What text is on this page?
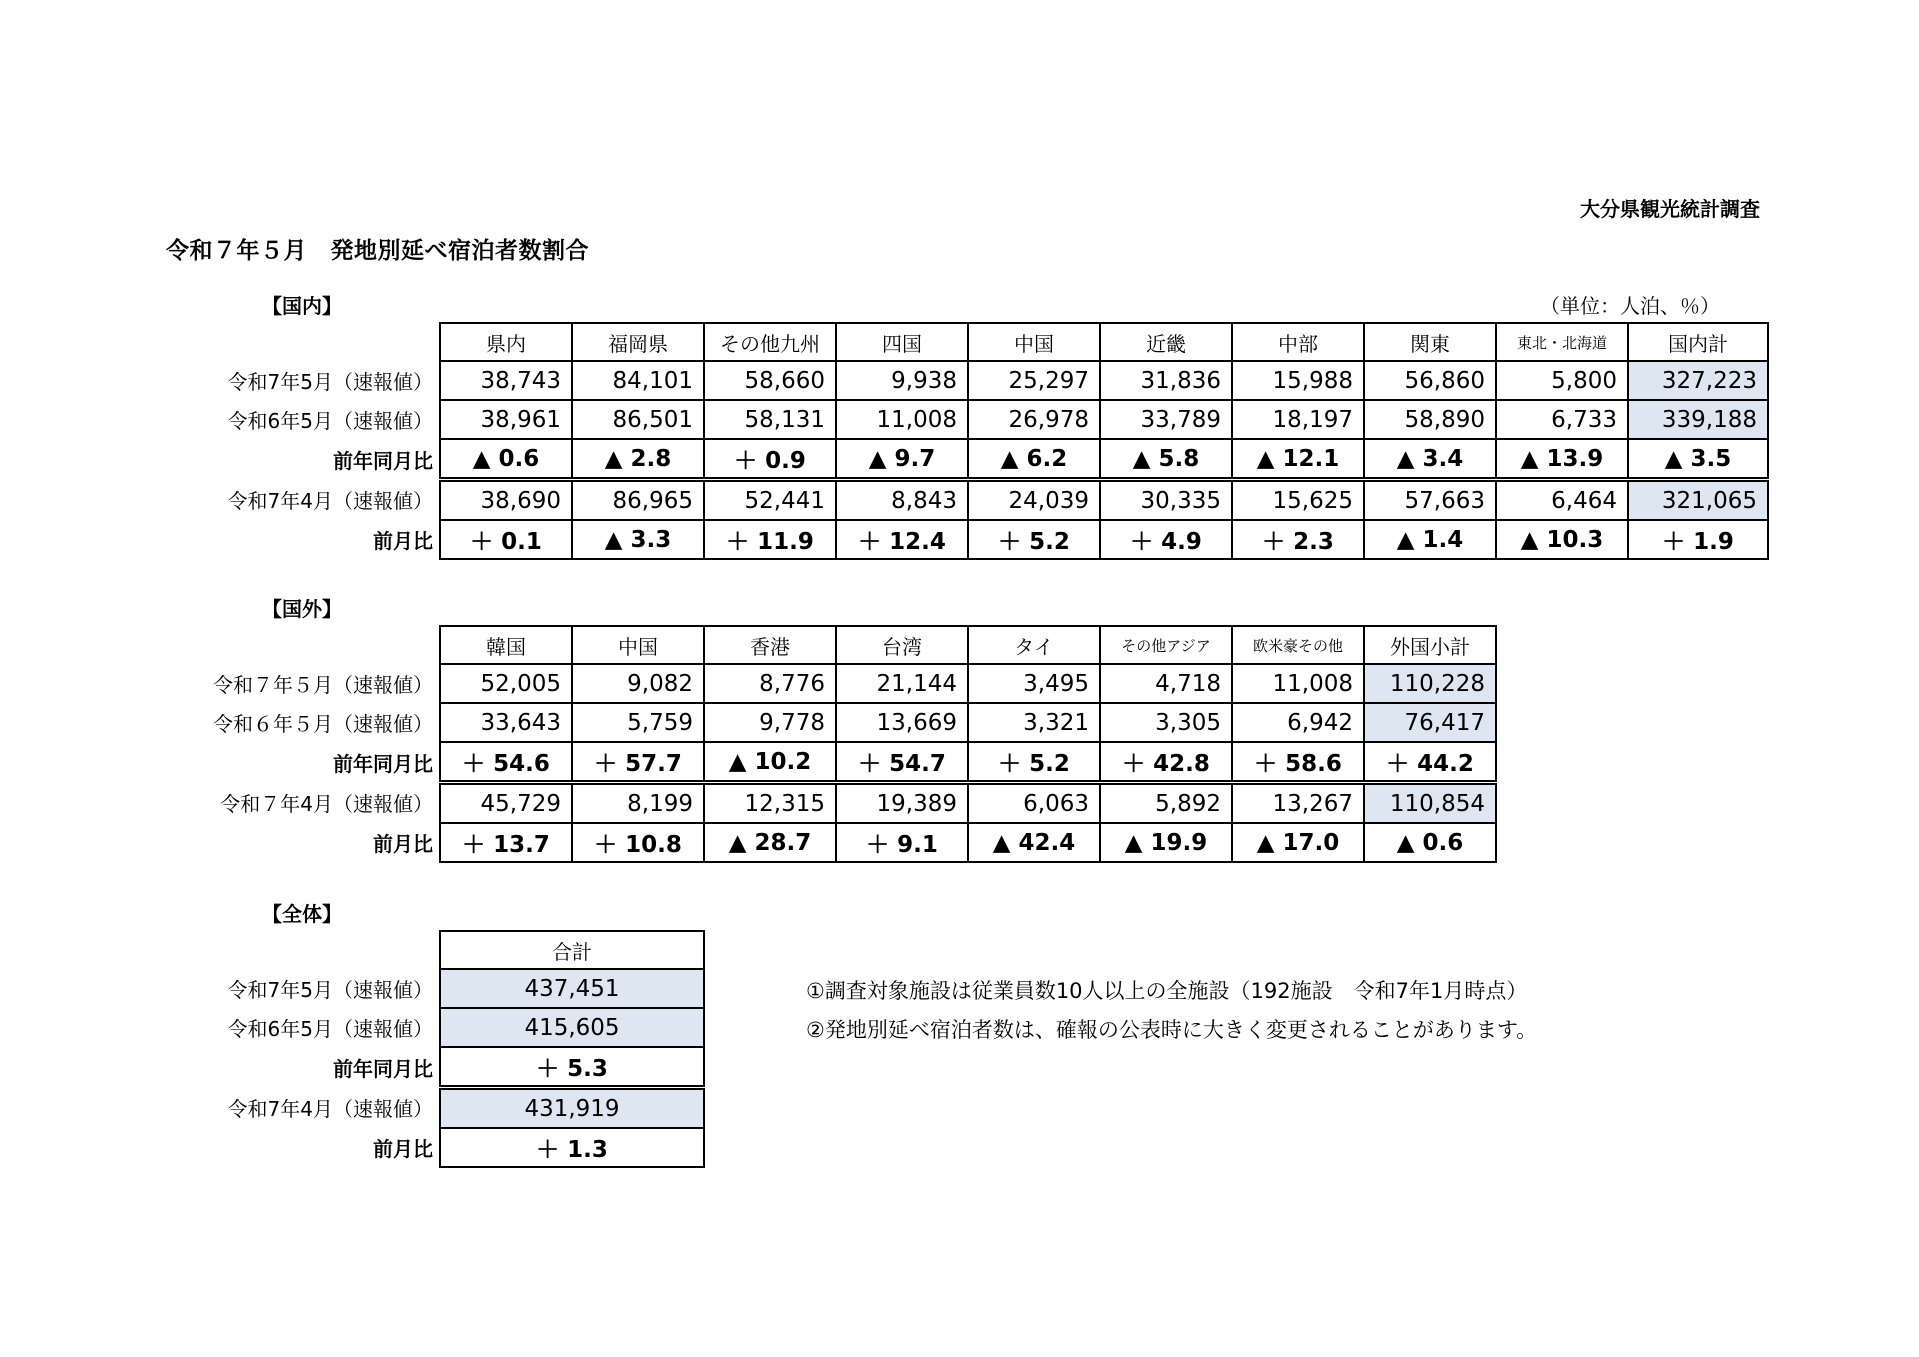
大分県観光統計調査
令和７年５月　発地別延べ宿泊者数割合
【国内】	（単位：人泊、％）
	県内	福岡県	その他九州	四国	中国	近畿	中部	関東	東北・北海道	国内計
令和7年5月（速報値）	38,743	84,101	58,660	9,938	25,297	31,836	15,988	56,860	5,800	327,223
令和6年5月（速報値）	38,961	86,501	58,131	11,008	26,978	33,789	18,197	58,890	6,733	339,188
前年同月比	▲ 0.6	▲ 2.8	＋ 0.9	▲ 9.7	▲ 6.2	▲ 5.8	▲ 12.1	▲ 3.4	▲ 13.9	▲ 3.5
令和7年4月（速報値）	38,690	86,965	52,441	8,843	24,039	30,335	15,625	57,663	6,464	321,065
前月比	＋ 0.1	▲ 3.3	＋ 11.9	＋ 12.4	＋ 5.2	＋ 4.9	＋ 2.3	▲ 1.4	▲ 10.3	＋ 1.9
【国外】
	韓国	中国	香港	台湾	タイ	その他アジア	欧米豪その他	外国小計
令和７年５月（速報値）	52,005	9,082	8,776	21,144	3,495	4,718	11,008	110,228
令和６年５月（速報値）	33,643	5,759	9,778	13,669	3,321	3,305	6,942	76,417
前年同月比	＋ 54.6	＋ 57.7	▲ 10.2	＋ 54.7	＋ 5.2	＋ 42.8	＋ 58.6	＋ 44.2
令和７年4月（速報値）	45,729	8,199	12,315	19,389	6,063	5,892	13,267	110,854
前月比	＋ 13.7	＋ 10.8	▲ 28.7	＋ 9.1	▲ 42.4	▲ 19.9	▲ 17.0	▲ 0.6
【全体】
	合計
令和7年5月（速報値）	437,451
令和6年5月（速報値）	415,605
前年同月比	＋ 5.3
令和7年4月（速報値）	431,919
前月比	＋ 1.3
①調査対象施設は従業員数10人以上の全施設（192施設　令和7年1月時点）
②発地別延べ宿泊者数は、確報の公表時に大きく変更されることがあります。
